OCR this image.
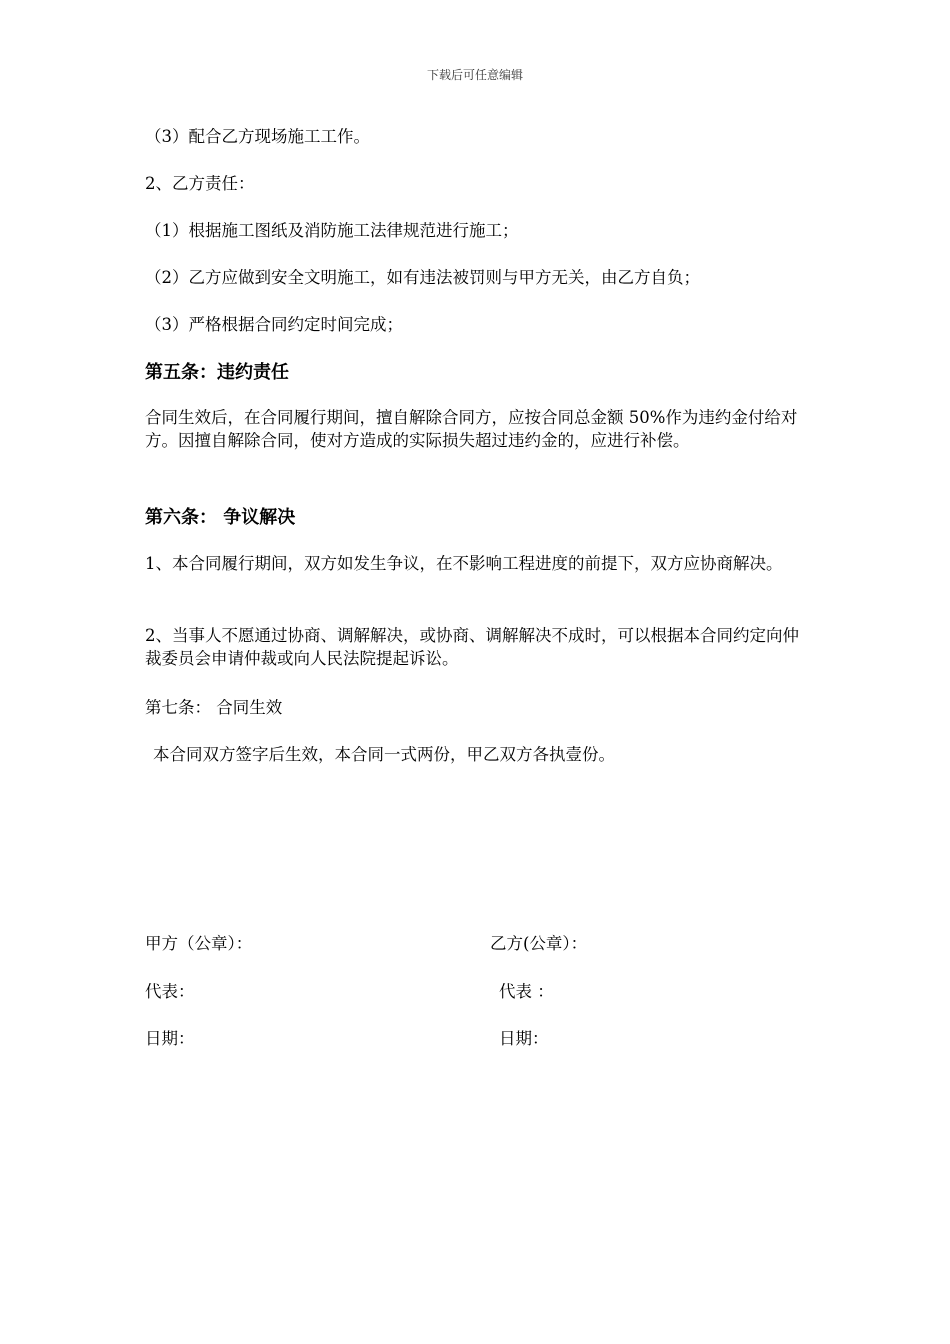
下载后可任意编辑
（3）配合乙方现场施工工作。
2、乙方责任：
（1）根据施工图纸及消防施工法律规范进行施工；
（2）乙方应做到安全文明施工，如有违法被罚则与甲方无关，由乙方自负；
（3）严格根据合同约定时间完成；
第五条：违约责任
合同生效后，在合同履行期间，擅自解除合同方，应按合同总金额 50%作为违约金付给对方。因擅自解除合同，使对方造成的实际损失超过违约金的，应进行补偿。
第六条： 争议解决
1、本合同履行期间，双方如发生争议，在不影响工程进度的前提下，双方应协商解决。
2、当事人不愿通过协商、调解解决，或协商、调解解决不成时，可以根据本合同约定向仲裁委员会申请仲裁或向人民法院提起诉讼。
第七条： 合同生效
本合同双方签字后生效，本合同一式两份，甲乙双方各执壹份。
甲方（公章）：	乙方(公章）：
代表：	代表 ：
日期：	日期：
